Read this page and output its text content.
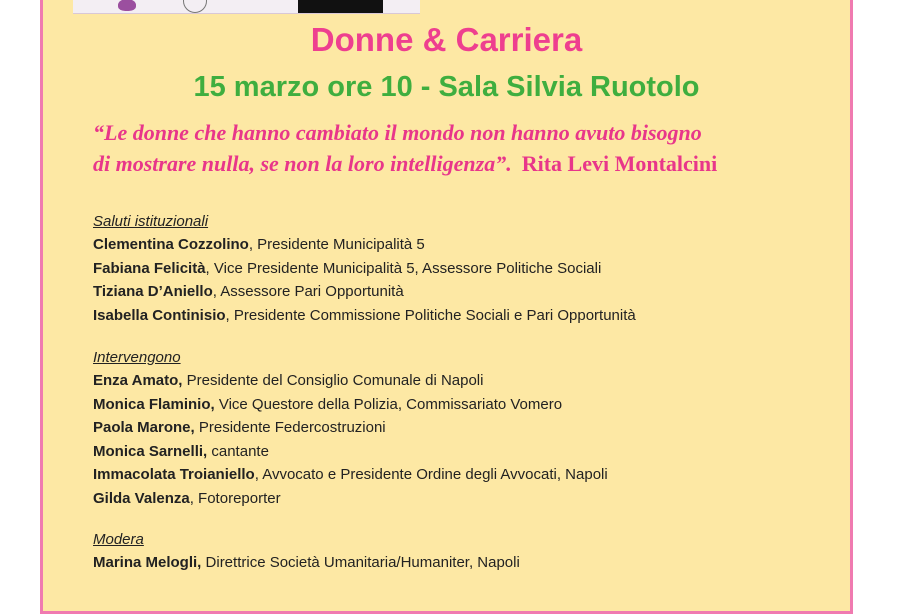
Donne & Carriera
15 marzo ore 10 - Sala Silvia Ruotolo
“Le donne che hanno cambiato il mondo non hanno avuto bisogno
di mostrare nulla, se non la loro intelligenza”. Rita Levi Montalcini
Saluti istituzionali
Clementina Cozzolino, Presidente Municipalità 5
Fabiana Felicità, Vice Presidente Municipalità 5, Assessore Politiche Sociali
Tiziana D’Aniello, Assessore Pari Opportunità
Isabella Continisio, Presidente Commissione Politiche Sociali e Pari Opportunità
Intervengono
Enza Amato, Presidente del Consiglio Comunale di Napoli
Monica Flaminio, Vice Questore della Polizia, Commissariato Vomero
Paola Marone, Presidente Federcostruzioni
Monica Sarnelli, cantante
Immacolata Troianiello, Avvocato e Presidente Ordine degli Avvocati, Napoli
Gilda Valenza, Fotoreporter
Modera
Marina Melogli, Direttrice Società Umanitaria/Humaniter, Napoli
